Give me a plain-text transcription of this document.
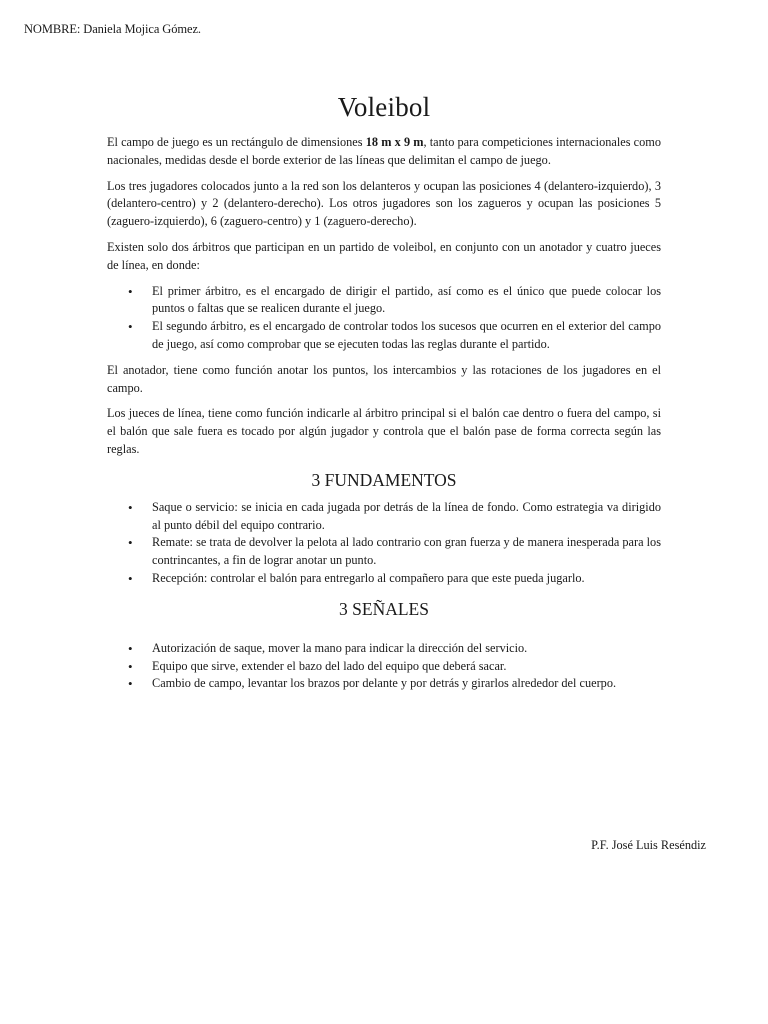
NOMBRE: Daniela Mojica Gómez.
Voleibol

El campo de juego es un rectángulo de dimensiones 18 m x 9 m, tanto para competiciones internacionales como nacionales, medidas desde el borde exterior de las líneas que delimitan el campo de juego.

Los tres jugadores colocados junto a la red son los delanteros y ocupan las posiciones 4 (delantero-izquierdo), 3 (delantero-centro) y 2 (delantero-derecho). Los otros jugadores son los zagueros y ocupan las posiciones 5 (zaguero-izquierdo), 6 (zaguero-centro) y 1 (zaguero-derecho).

Existen solo dos árbitros que participan en un partido de voleibol, en conjunto con un anotador y cuatro jueces de línea, en donde:

• El primer árbitro, es el encargado de dirigir el partido, así como es el único que puede colocar los puntos o faltas que se realicen durante el juego.
• El segundo árbitro, es el encargado de controlar todos los sucesos que ocurren en el exterior del campo de juego, así como comprobar que se ejecuten todas las reglas durante el partido.

El anotador, tiene como función anotar los puntos, los intercambios y las rotaciones de los jugadores en el campo.

Los jueces de línea, tiene como función indicarle al árbitro principal si el balón cae dentro o fuera del campo, si el balón que sale fuera es tocado por algún jugador y controla que el balón pase de forma correcta según las reglas.

3 FUNDAMENTOS
• Saque o servicio: se inicia en cada jugada por detrás de la línea de fondo. Como estrategia va dirigido al punto débil del equipo contrario.
• Remate: se trata de devolver la pelota al lado contrario con gran fuerza y de manera inesperada para los contrincantes, a fin de lograr anotar un punto.
• Recepción: controlar el balón para entregarlo al compañero para que este pueda jugarlo.
3 SEÑALES
• Autorización de saque, mover la mano para indicar la dirección del servicio.
• Equipo que sirve, extender el bazo del lado del equipo que deberá sacar.
• Cambio de campo, levantar los brazos por delante y por detrás y girarlos alrededor del cuerpo.
P.F. José Luis Reséndiz
